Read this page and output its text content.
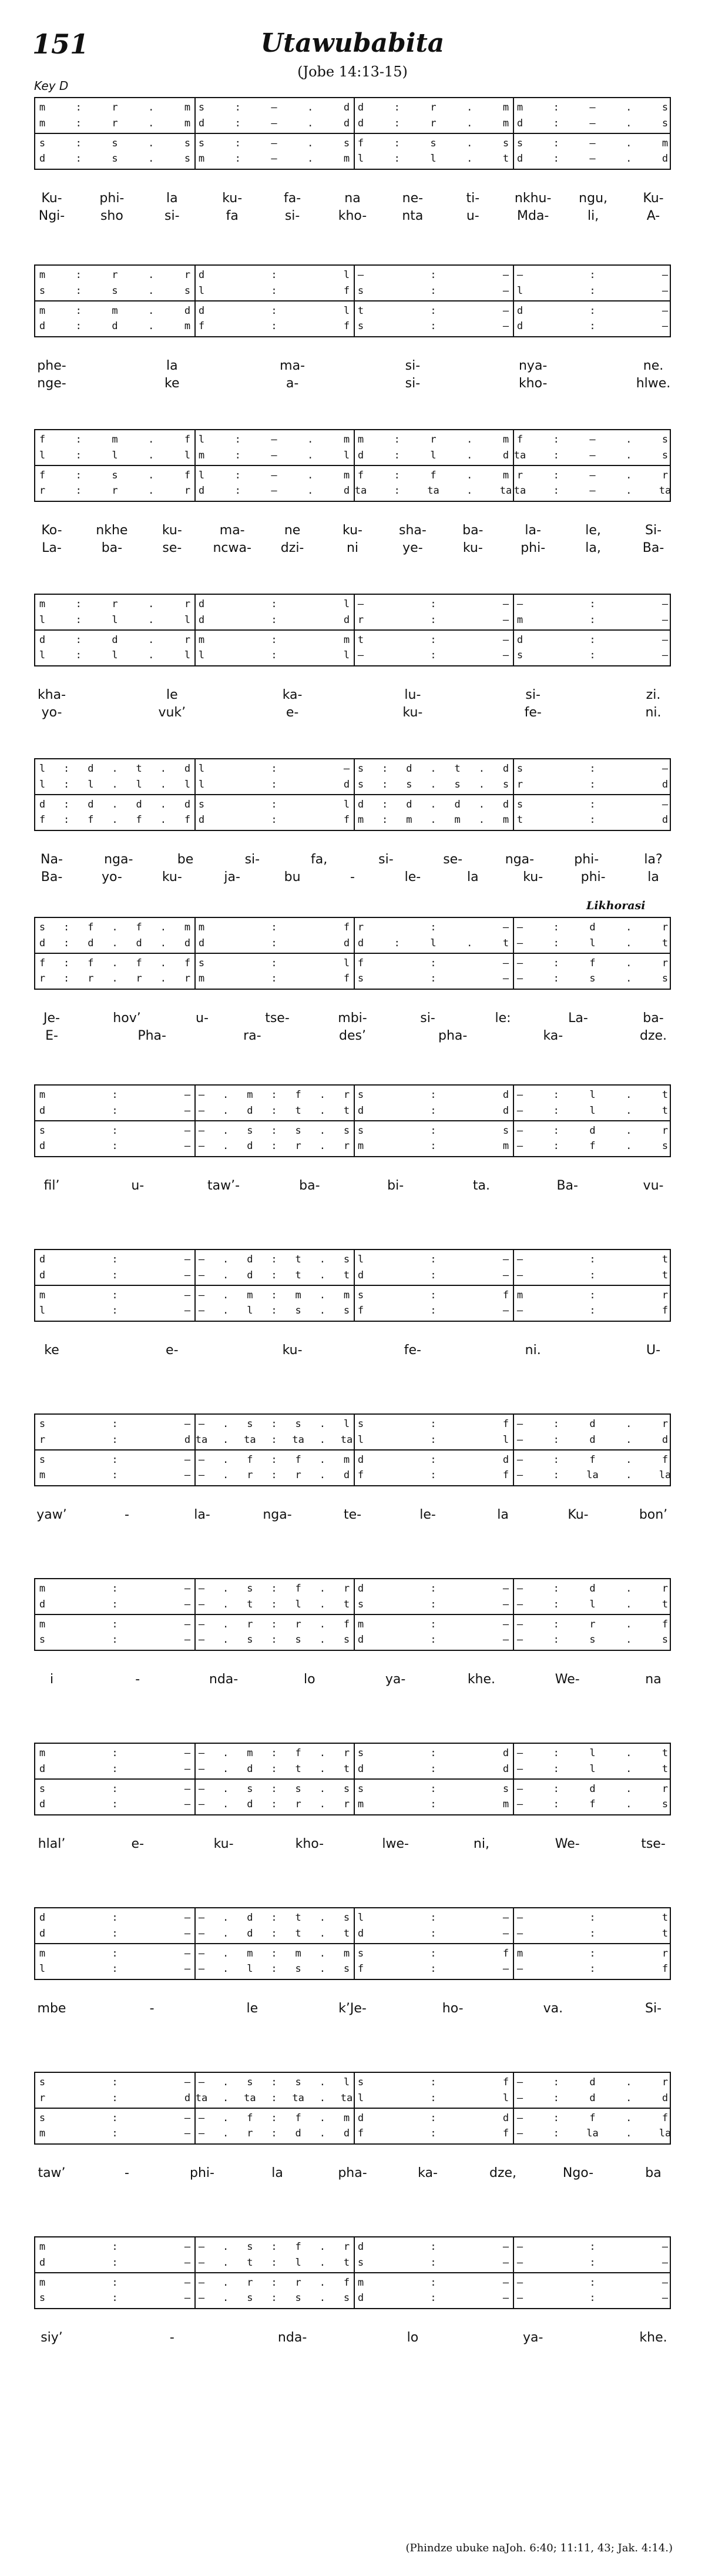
151	Utawubabita
(Jobe 14:13-15)
Key D
Likhorasi
m	:	r	.	m s	:	–	.	d d	:	r	.	m m	:	–	.	s
m	:	r	.	m d	:	–	.	d d	:	r	.	m d	:	–	.	s
s	:	s	.	s s	:	–	.	s f	:	s	.	s s	:	–	.	m
d	:	s	.	s m	:	–	.	m l	:	l	.	t d	:	–	.	d
Ku-	phi-	la	ku-	fa-	na	ne-	ti-	nkhu- ngu,	Ku-
Ngi-	sho	si-	fa	si-	kho-	nta	u-	Mda-	li,	A-
m	:	r	.	r d	:	l —	:	— —	:	—
s	:	s	.	s l	:	f s	:	— l	:	—
m	:	m	.	d d	:	l t	:	— d	:	—
d	:	d	.	m f	:	f s	:	— d	:	—
phe-	la	ma-	si-	nya-	ne.
nge-	ke	a-	si-	kho-	hlwe.
f	:	m	.	f l	:	–	.	m m	:	r	.	m f	:	–	.	s
l	:	l	.	l m	:	–	.	l d	:	l	.	d ta	:	–	.	s
f	:	s	.	f l	:	–	.	m f	:	f	.	m r	:	–	.	r
r	:	r	.	r d	:	–	.	d ta	:	ta	.	ta ta	:	–	.	ta
Ko-	nkhe	ku-	ma-	ne	ku-	sha-	ba-	la-	le,	Si-
La-	ba-	se- ncwa- dzi-	ni	ye-	ku-	phi-	la,	Ba-
m	:	r	.	r d	:	l —	:	— —	:	—
l	:	l	.	l d	:	d r	:	— m	:	—
d	:	d	.	r m	:	m t	:	— d	:	—
l	:	l	.	l l	:	l —	:	— s	:	—
kha-	le	ka-	lu-	si-	zi.
yo-	vuk’	e-	ku-	fe-	ni.
l	:	d	.	t	.	d l	:	— s	:	d	.	t	.	d s	:	—
l	:	l	.	l	.	l l	:	d s	:	s	.	s	.	s r	:	d
d	:	d	.	d	.	d s	:	l d	:	d	.	d	.	d s	:	—
f	:	f	.	f	.	f d	:	f m	:	m	.	m	.	m t	:	d
Na-	nga-	be	si-	fa,	si-	se-	nga-	phi-	la?
Ba-	yo-	ku-	ja-	bu	-	le-	la	ku-	phi-	la
s	:	f	.	f	.	m m	:	f r	:	— —	:	d	.	r
d	:	d	.	d	.	d d	:	d d	:	l	.	t —	:	l	.	t
f	:	f	.	f	.	f s	:	l f	:	— —	:	f	.	r
r	:	r	.	r	.	r m	:	f s	:	— —	:	s	.	s
Je-	hov’	u-	tse-	mbi-	si-	le:	La-	ba-
E-	Pha-	ra-	des’	pha-	ka-	dze.
m	:	— –	.	m	:	f	.	r s	:	d —	:	l	.	t
d	:	— –	.	d	:	t	.	t d	:	d —	:	l	.	t
s	:	— –	.	s	:	s	.	s s	:	s —	:	d	.	r
d	:	— –	.	d	:	r	.	r m	:	m —	:	f	.	s
fil’	u-	taw’-	ba-	bi-	ta.	Ba-	vu-
d	:	— –	.	d	:	t	.	s l	:	— —	:	t
d	:	— –	.	d	:	t	.	t d	:	— —	:	t
m	:	— –	.	m	:	m	.	m s	:	f m	:	r
l	:	— –	.	l	:	s	.	s f	:	— —	:	f
ke	e-	ku-	fe-	ni.	U-
s	:	— –	.	s	:	s	.	l s	:	f —	:	d	.	r
r	:	d ta	.	ta	:	ta	.	ta l	:	l —	:	d	.	d
s	:	— –	.	f	:	f	.	m d	:	d —	:	f	.	f
m	:	— –	.	r	:	r	.	d f	:	f —	:	la	.	la
yaw’	-	la-	nga-	te-	le-	la	Ku-	bon’
m	:	— –	.	s	:	f	.	r d	:	— —	:	d	.	r
d	:	— –	.	t	:	l	.	t s	:	— —	:	l	.	t
m	:	— –	.	r	:	r	.	f m	:	— —	:	r	.	f
s	:	— –	.	s	:	s	.	s d	:	— —	:	s	.	s
i	-	nda-	lo	ya-	khe.	We-	na
m	:	— –	.	m	:	f	.	r s	:	d —	:	l	.	t
d	:	— –	.	d	:	t	.	t d	:	d —	:	l	.	t
s	:	— –	.	s	:	s	.	s s	:	s —	:	d	.	r
d	:	— –	.	d	:	r	.	r m	:	m —	:	f	.	s
hlal’	e-	ku-	kho-	lwe-	ni,	We-	tse-
d	:	— –	.	d	:	t	.	s l	:	— —	:	t
d	:	— –	.	d	:	t	.	t d	:	— —	:	t
m	:	— –	.	m	:	m	.	m s	:	f m	:	r
l	:	— –	.	l	:	s	.	s f	:	— —	:	f
mbe	-	le	k’Je-	ho-	va.	Si-
s	:	— –	.	s	:	s	.	l s	:	f —	:	d	.	r
r	:	d ta	.	ta	:	ta	.	ta l	:	l —	:	d	.	d
s	:	— –	.	f	:	f	.	m d	:	d —	:	f	.	f
m	:	— –	.	r	:	d	.	d f	:	f —	:	la	.	la
taw’	-	phi-	la	pha-	ka-	dze,	Ngo-	ba
m	:	— –	.	s	:	f	.	r d	:	— —	:	—
d	:	— –	.	t	:	l	.	t s	:	— —	:	—
m	:	— –	.	r	:	r	.	f m	:	— —	:	—
s	:	— –	.	s	:	s	.	s d	:	— —	:	—
siy’	-	nda-	lo	ya-	khe.
(Phindze ubuke naJoh. 6:40; 11:11, 43; Jak. 4:14.)
